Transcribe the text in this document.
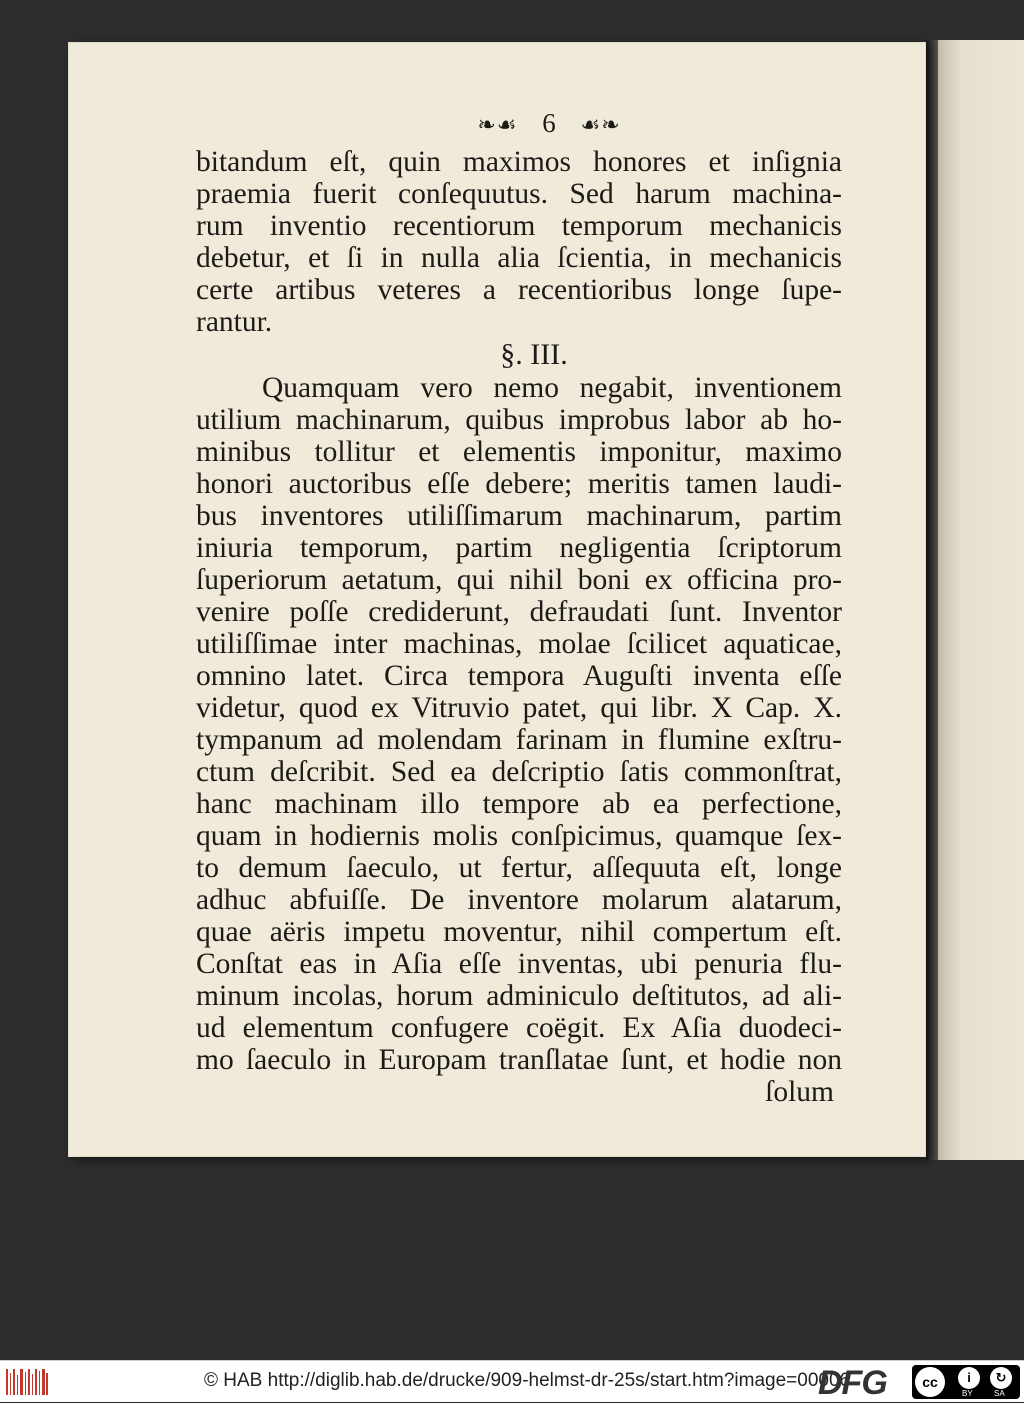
❧☙ 6 ☙❧
bitandum eſt, quin maximos honores et inſignia
praemia fuerit conſequutus. Sed harum machina-
rum inventio recentiorum temporum mechanicis
debetur, et ſi in nulla alia ſcientia, in mechanicis
certe artibus veteres a recentioribus longe ſupe-
rantur.
§. III.
Quamquam vero nemo negabit, inventionem
utilium machinarum, quibus improbus labor ab ho-
minibus tollitur et elementis imponitur, maximo
honori auctoribus eſſe debere; meritis tamen laudi-
bus inventores utiliſſimarum machinarum, partim
iniuria temporum, partim negligentia ſcriptorum
ſuperiorum aetatum, qui nihil boni ex officina pro-
venire poſſe crediderunt, defraudati ſunt. Inventor
utiliſſimae inter machinas, molae ſcilicet aquaticae,
omnino latet. Circa tempora Auguſti inventa eſſe
videtur, quod ex Vitruvio patet, qui libr. X Cap. X.
tympanum ad molendam farinam in flumine exſtru-
ctum deſcribit. Sed ea deſcriptio ſatis commonſtrat,
hanc machinam illo tempore ab ea perfectione,
quam in hodiernis molis conſpicimus, quamque ſex-
to demum ſaeculo, ut fertur, aſſequuta eſt, longe
adhuc abfuiſſe. De inventore molarum alatarum,
quae aëris impetu moventur, nihil compertum eſt.
Conſtat eas in Aſia eſſe inventas, ubi penuria flu-
minum incolas, horum adminiculo deſtitutos, ad ali-
ud elementum confugere coëgit. Ex Aſia duodeci-
mo ſaeculo in Europam tranſlatae ſunt, et hodie non
ſolum
© HAB http://diglib.hab.de/drucke/909-helmst-dr-25s/start.htm?image=00006
DFG	cc	i	↻
BY	SA
